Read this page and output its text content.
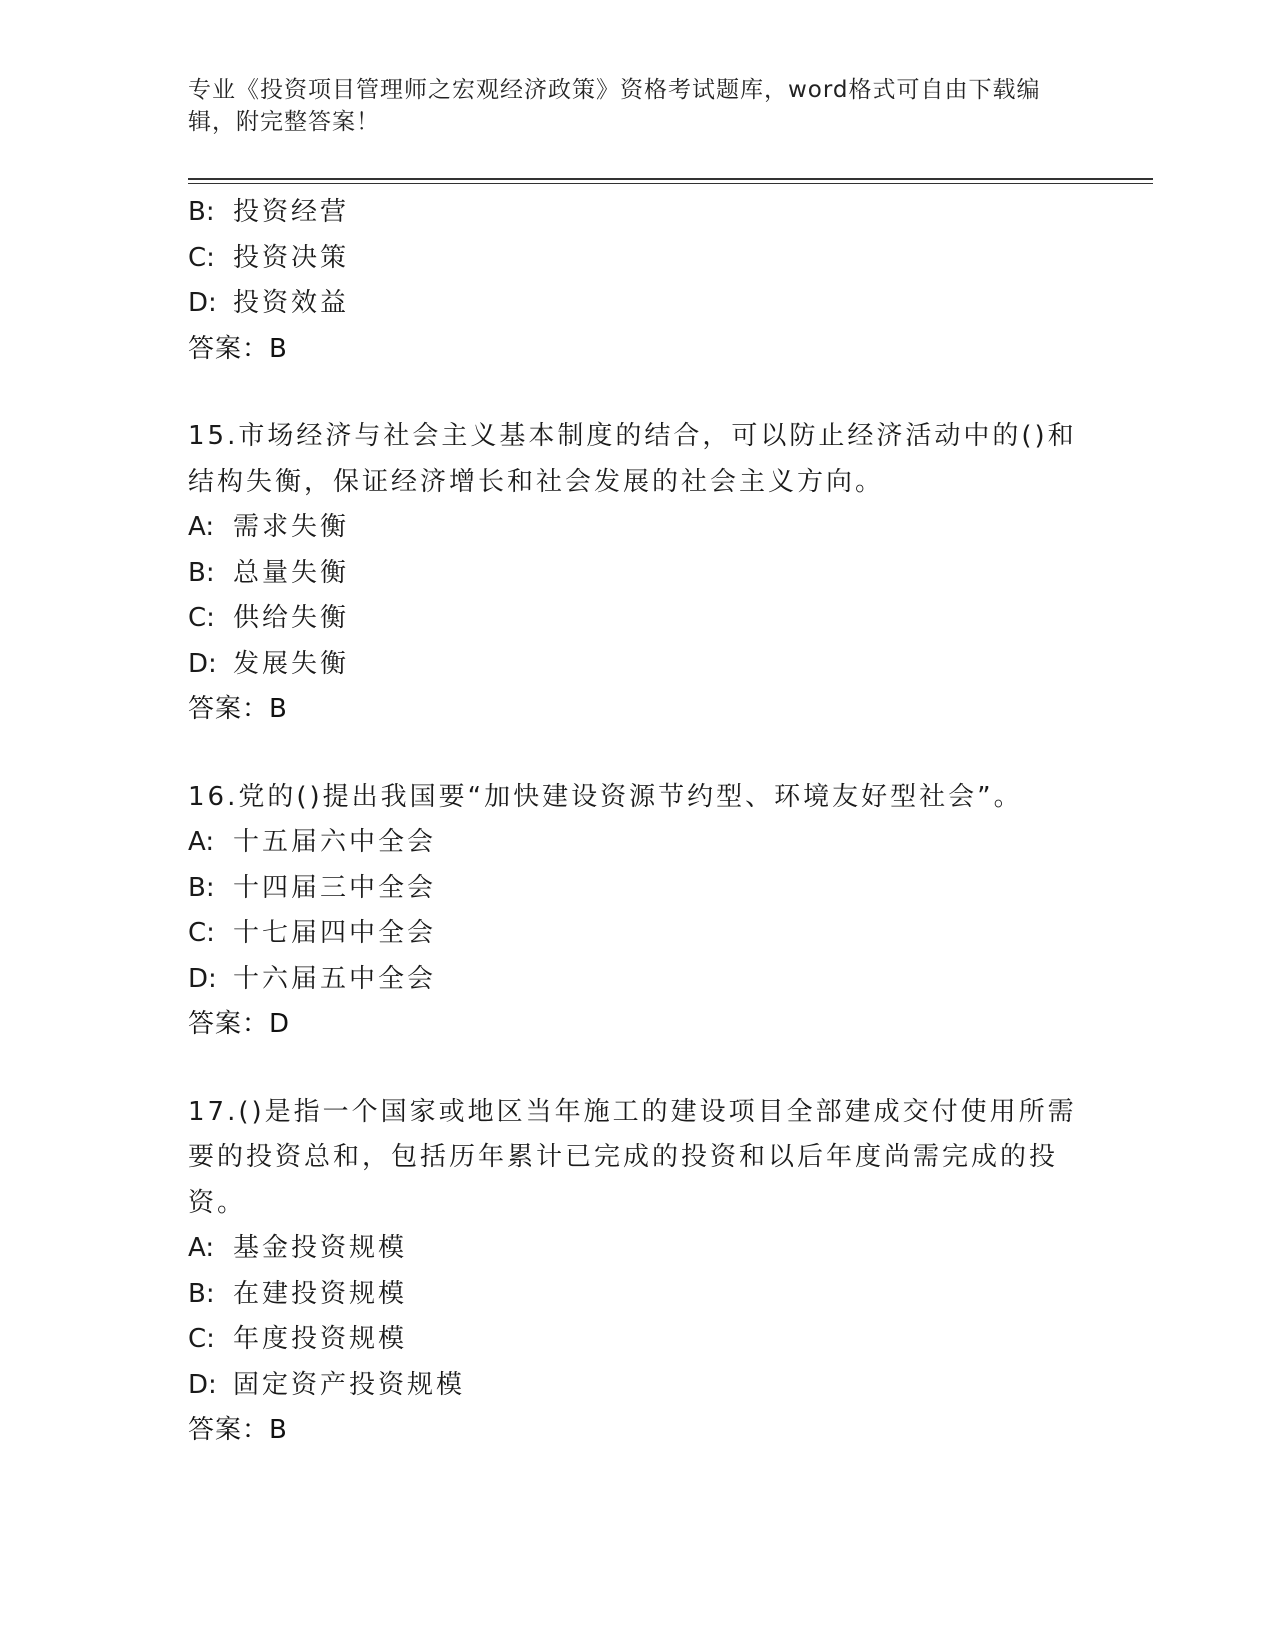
专业《投资项目管理师之宏观经济政策》资格考试题库，word格式可自由下载编
辑，附完整答案！
B: 投资经营
C: 投资决策
D: 投资效益
答案：B
15.市场经济与社会主义基本制度的结合，可以防止经济活动中的()和
结构失衡，保证经济增长和社会发展的社会主义方向。
A: 需求失衡
B: 总量失衡
C: 供给失衡
D: 发展失衡
答案：B
16.党的()提出我国要“加快建设资源节约型、环境友好型社会”。
A: 十五届六中全会
B: 十四届三中全会
C: 十七届四中全会
D: 十六届五中全会
答案：D
17.()是指一个国家或地区当年施工的建设项目全部建成交付使用所需
要的投资总和，包括历年累计已完成的投资和以后年度尚需完成的投
资。
A: 基金投资规模
B: 在建投资规模
C: 年度投资规模
D: 固定资产投资规模
答案：B
